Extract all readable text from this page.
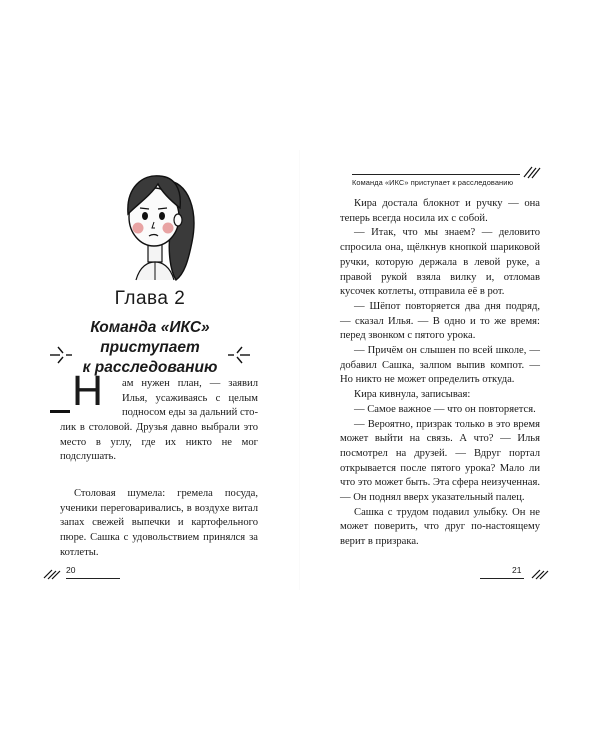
Глава 2
Команда «ИКС»
приступает
к расследованию
Н ам нужен план, — заявил

Илья, усаживаясь с целым

подносом еды за дальний сто-

лик в столовой. Друзья давно выбрали это место в углу, где их никто не мог подслушать.

Столовая шумела: гремела посуда, ученики переговаривались, в воздухе витал запах свежей выпечки и картофельного пюре. Сашка с удовольствием принялся за котлеты.

20
Команда «ИКС» приступает к расследованию

Кира достала блокнот и ручку — она теперь всегда носила их с собой.

— Итак, что мы знаем? — деловито спросила она, щёлкнув кнопкой шариковой ручки, которую держала в левой руке, а правой рукой взяла вилку и, отломав кусочек котлеты, отправила её в рот.

— Шёпот повторяется два дня подряд, — сказал Илья. — В одно и то же время: перед звонком с пятого урока.

— Причём он слышен по всей школе, — добавил Сашка, залпом выпив компот. — Но никто не может определить откуда.

Кира кивнула, записывая:

— Самое важное — что он повторяется.

— Вероятно, призрак только в это время может выйти на связь. А что? — Илья посмотрел на друзей. — Вдруг портал открывается после пятого урока? Мало ли что это может быть. Эта сфера неизученная. — Он поднял вверх указательный палец.

Сашка с трудом подавил улыбку. Он не может поверить, что друг по-настоящему верит в призрака.

21
